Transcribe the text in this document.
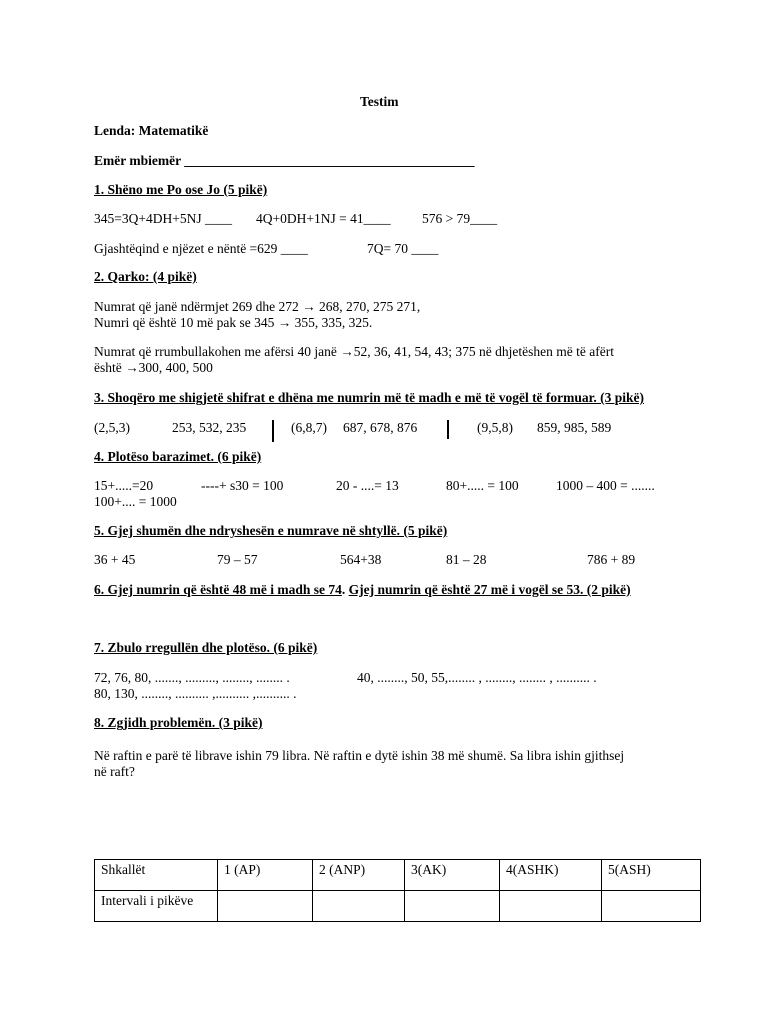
Testim
Lenda: Matematikë
Emër mbiemër ___________________________________________
1. Shëno me Po ose Jo (5 pikë)
345=3Q+4DH+5NJ ____ 4Q+0DH+1NJ = 41____ 576 > 79____
Gjashtëqind e njëzet e nëntë =629 ____	7Q= 70 ____
2. Qarko: (4 pikë)
Numrat që janë ndërmjet 269 dhe 272 → 268, 270, 275 271,
Numri që është 10 më pak se 345 → 355, 335, 325.
Numrat që rrumbullakohen me afërsi 40 janë →52, 36, 41, 54, 43; 375 në dhjetëshen më të afërt
është →300, 400, 500
3. Shoqëro me shigjetë shifrat e dhëna me numrin më të madh e më të vogël të formuar. (3 pikë)
(2,5,3)	253, 532, 235	(6,8,7) 687, 678, 876	(9,5,8) 859, 985, 589
4. Plotëso barazimet. (6 pikë)
15+.....=20	----+ s30 = 100	20 - ....= 13	80+..... = 100	1000 – 400 = .......
100+.... = 1000
5. Gjej shumën dhe ndryshesën e numrave në shtyllë. (5 pikë)
36 + 45	79 – 57	564+38	81 – 28	786 + 89
6. Gjej numrin që është 48 më i madh se 74. Gjej numrin që është 27 më i vogël se 53. (2 pikë)
7. Zbulo rregullën dhe plotëso. (6 pikë)
72, 76, 80, ......., ........., ........, ........ .	40, ........, 50, 55,........ , ........, ........ , .......... .
80, 130, ........, .......... ,.......... ,.......... .
8. Zgjidh problemën. (3 pikë)
Në raftin e parë të librave ishin 79 libra. Në raftin e dytë ishin 38 më shumë. Sa libra ishin gjithsej
në raft?
Shkallët	1 (AP)	2 (ANP)	3(AK)	4(ASHK)	5(ASH)
Intervali i pikëve					
